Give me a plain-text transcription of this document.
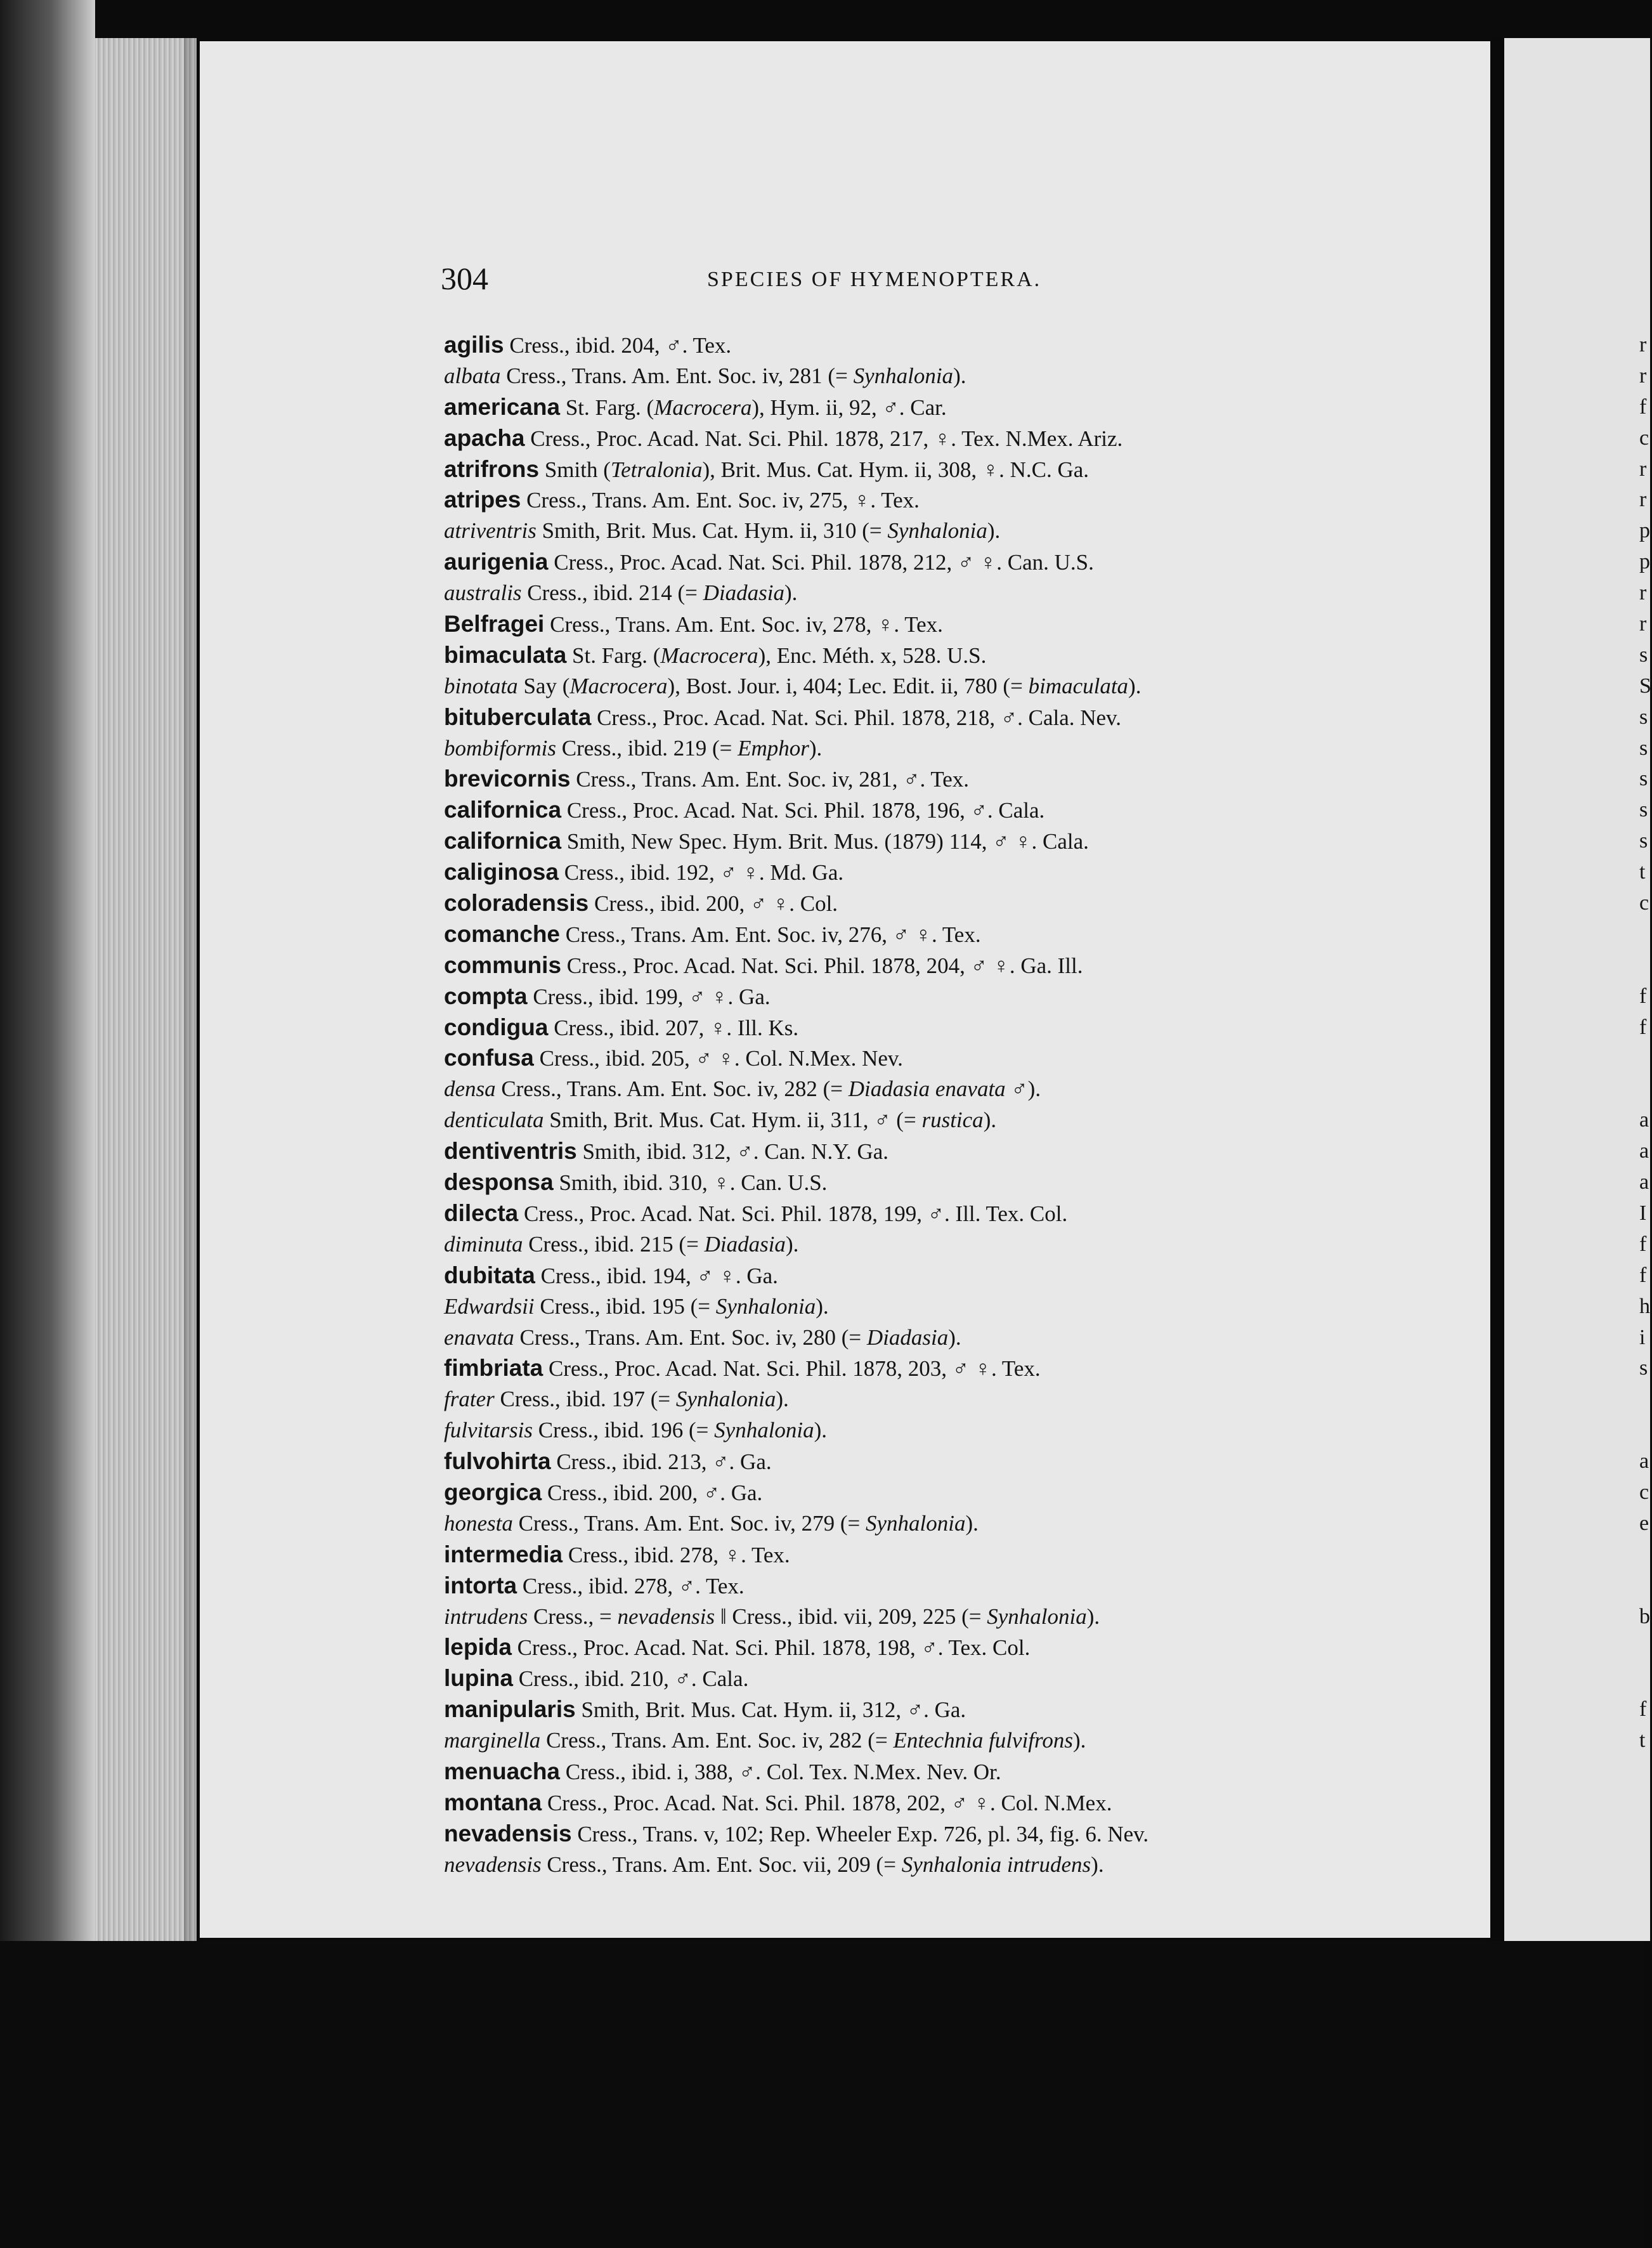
304	SPECIES OF HYMENOPTERA.
agilis Cress., ibid. 204, ♂. Tex.
albata Cress., Trans. Am. Ent. Soc. iv, 281 (= Synhalonia).
americana St. Farg. (Macrocera), Hym. ii, 92, ♂. Car.
apacha Cress., Proc. Acad. Nat. Sci. Phil. 1878, 217, ♀. Tex. N.Mex. Ariz.
atrifrons Smith (Tetralonia), Brit. Mus. Cat. Hym. ii, 308, ♀. N.C. Ga.
atripes Cress., Trans. Am. Ent. Soc. iv, 275, ♀. Tex.
atriventris Smith, Brit. Mus. Cat. Hym. ii, 310 (= Synhalonia).
aurigenia Cress., Proc. Acad. Nat. Sci. Phil. 1878, 212, ♂ ♀. Can. U.S.
australis Cress., ibid. 214 (= Diadasia).
Belfragei Cress., Trans. Am. Ent. Soc. iv, 278, ♀. Tex.
bimaculata St. Farg. (Macrocera), Enc. Méth. x, 528. U.S.
binotata Say (Macrocera), Bost. Jour. i, 404; Lec. Edit. ii, 780 (= bimaculata).
bituberculata Cress., Proc. Acad. Nat. Sci. Phil. 1878, 218, ♂. Cala. Nev.
bombiformis Cress., ibid. 219 (= Emphor).
brevicornis Cress., Trans. Am. Ent. Soc. iv, 281, ♂. Tex.
californica Cress., Proc. Acad. Nat. Sci. Phil. 1878, 196, ♂. Cala.
californica Smith, New Spec. Hym. Brit. Mus. (1879) 114, ♂ ♀. Cala.
caliginosa Cress., ibid. 192, ♂ ♀. Md. Ga.
coloradensis Cress., ibid. 200, ♂ ♀. Col.
comanche Cress., Trans. Am. Ent. Soc. iv, 276, ♂ ♀. Tex.
communis Cress., Proc. Acad. Nat. Sci. Phil. 1878, 204, ♂ ♀. Ga. Ill.
compta Cress., ibid. 199, ♂ ♀. Ga.
condigua Cress., ibid. 207, ♀. Ill. Ks.
confusa Cress., ibid. 205, ♂ ♀. Col. N.Mex. Nev.
densa Cress., Trans. Am. Ent. Soc. iv, 282 (= Diadasia enavata ♂).
denticulata Smith, Brit. Mus. Cat. Hym. ii, 311, ♂ (= rustica).
dentiventris Smith, ibid. 312, ♂. Can. N.Y. Ga.
desponsa Smith, ibid. 310, ♀. Can. U.S.
dilecta Cress., Proc. Acad. Nat. Sci. Phil. 1878, 199, ♂. Ill. Tex. Col.
diminuta Cress., ibid. 215 (= Diadasia).
dubitata Cress., ibid. 194, ♂ ♀. Ga.
Edwardsii Cress., ibid. 195 (= Synhalonia).
enavata Cress., Trans. Am. Ent. Soc. iv, 280 (= Diadasia).
fimbriata Cress., Proc. Acad. Nat. Sci. Phil. 1878, 203, ♂ ♀. Tex.
frater Cress., ibid. 197 (= Synhalonia).
fulvitarsis Cress., ibid. 196 (= Synhalonia).
fulvohirta Cress., ibid. 213, ♂. Ga.
georgica Cress., ibid. 200, ♂. Ga.
honesta Cress., Trans. Am. Ent. Soc. iv, 279 (= Synhalonia).
intermedia Cress., ibid. 278, ♀. Tex.
intorta Cress., ibid. 278, ♂. Tex.
intrudens Cress., = nevadensis ‖ Cress., ibid. vii, 209, 225 (= Synhalonia).
lepida Cress., Proc. Acad. Nat. Sci. Phil. 1878, 198, ♂. Tex. Col.
lupina Cress., ibid. 210, ♂. Cala.
manipularis Smith, Brit. Mus. Cat. Hym. ii, 312, ♂. Ga.
marginella Cress., Trans. Am. Ent. Soc. iv, 282 (= Entechnia fulvifrons).
menuacha Cress., ibid. i, 388, ♂. Col. Tex. N.Mex. Nev. Or.
montana Cress., Proc. Acad. Nat. Sci. Phil. 1878, 202, ♂ ♀. Col. N.Mex.
nevadensis Cress., Trans. v, 102; Rep. Wheeler Exp. 726, pl. 34, fig. 6. Nev.
nevadensis Cress., Trans. Am. Ent. Soc. vii, 209 (= Synhalonia intrudens).
r
r
f
c
r
r
p
p
r
r
s
S
s
s
s
s
s
t
c
f
f
a
a
a
I
f
f
h
i
s
a
c
e
b
f
t
